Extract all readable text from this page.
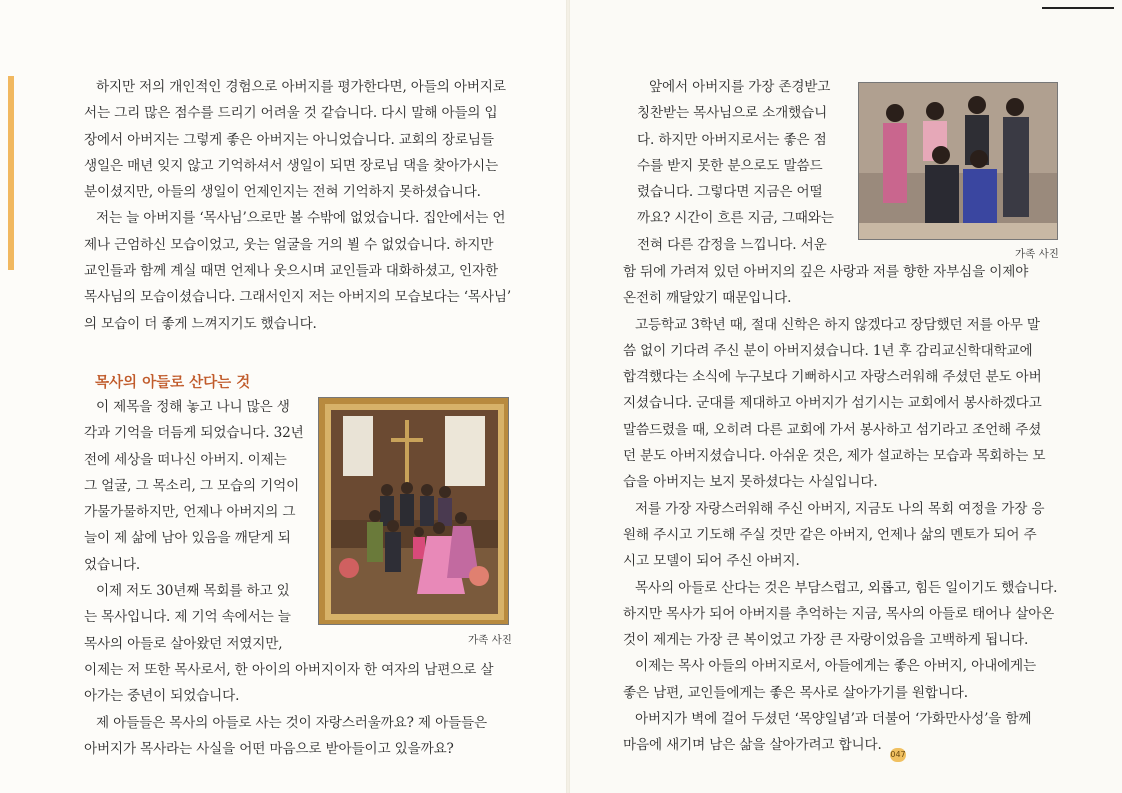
하지만 저의 개인적인 경험으로 아버지를 평가한다면, 아들의 아버지로
서는 그리 많은 점수를 드리기 어려울 것 같습니다. 다시 말해 아들의 입
장에서 아버지는 그렇게 좋은 아버지는 아니었습니다. 교회의 장로님들
생일은 매년 잊지 않고 기억하셔서 생일이 되면 장로님 댁을 찾아가시는
분이셨지만, 아들의 생일이 언제인지는 전혀 기억하지 못하셨습니다.
저는 늘 아버지를 ‘목사님’으로만 볼 수밖에 없었습니다. 집안에서는 언
제나 근엄하신 모습이었고, 웃는 얼굴을 거의 뵐 수 없었습니다. 하지만
교인들과 함께 계실 때면 언제나 웃으시며 교인들과 대화하셨고, 인자한
목사님의 모습이셨습니다. 그래서인지 저는 아버지의 모습보다는 ‘목사님’
의 모습이 더 좋게 느껴지기도 했습니다.
목사의 아들로 산다는 것
이 제목을 정해 놓고 나니 많은 생
각과 기억을 더듬게 되었습니다. 32년
전에 세상을 떠나신 아버지. 이제는
그 얼굴, 그 목소리, 그 모습의 기억이
가물가물하지만, 언제나 아버지의 그
늘이 제 삶에 남아 있음을 깨닫게 되
었습니다.
이제 저도 30년째 목회를 하고 있
는 목사입니다. 제 기억 속에서는 늘
목사의 아들로 살아왔던 저였지만,
이제는 저 또한 목사로서, 한 아이의 아버지이자 한 여자의 남편으로 살
아가는 중년이 되었습니다.
제 아들들은 목사의 아들로 사는 것이 자랑스러울까요? 제 아들들은
아버지가 목사라는 사실을 어떤 마음으로 받아들이고 있을까요?
가족 사진
앞에서 아버지를 가장 존경받고
칭찬받는 목사님으로 소개했습니
다. 하지만 아버지로서는 좋은 점
수를 받지 못한 분으로도 말씀드
렸습니다. 그렇다면 지금은 어떨
까요? 시간이 흐른 지금, 그때와는
전혀 다른 감정을 느낍니다. 서운
가족 사진
함 뒤에 가려져 있던 아버지의 깊은 사랑과 저를 향한 자부심을 이제야
온전히 깨달았기 때문입니다.
고등학교 3학년 때, 절대 신학은 하지 않겠다고 장담했던 저를 아무 말
씀 없이 기다려 주신 분이 아버지셨습니다. 1년 후 감리교신학대학교에
합격했다는 소식에 누구보다 기뻐하시고 자랑스러워해 주셨던 분도 아버
지셨습니다. 군대를 제대하고 아버지가 섬기시는 교회에서 봉사하겠다고
말씀드렸을 때, 오히려 다른 교회에 가서 봉사하고 섬기라고 조언해 주셨
던 분도 아버지셨습니다. 아쉬운 것은, 제가 설교하는 모습과 목회하는 모
습을 아버지는 보지 못하셨다는 사실입니다.
저를 가장 자랑스러워해 주신 아버지, 지금도 나의 목회 여정을 가장 응
원해 주시고 기도해 주실 것만 같은 아버지, 언제나 삶의 멘토가 되어 주
시고 모델이 되어 주신 아버지.
목사의 아들로 산다는 것은 부담스럽고, 외롭고, 힘든 일이기도 했습니다.
하지만 목사가 되어 아버지를 추억하는 지금, 목사의 아들로 태어나 살아온
것이 제게는 가장 큰 복이었고 가장 큰 자랑이었음을 고백하게 됩니다.
이제는 목사 아들의 아버지로서, 아들에게는 좋은 아버지, 아내에게는
좋은 남편, 교인들에게는 좋은 목사로 살아가기를 원합니다.
아버지가 벽에 걸어 두셨던 ‘목양일념’과 더불어 ‘가화만사성’을 함께
마음에 새기며 남은 삶을 살아가려고 합니다.
047
